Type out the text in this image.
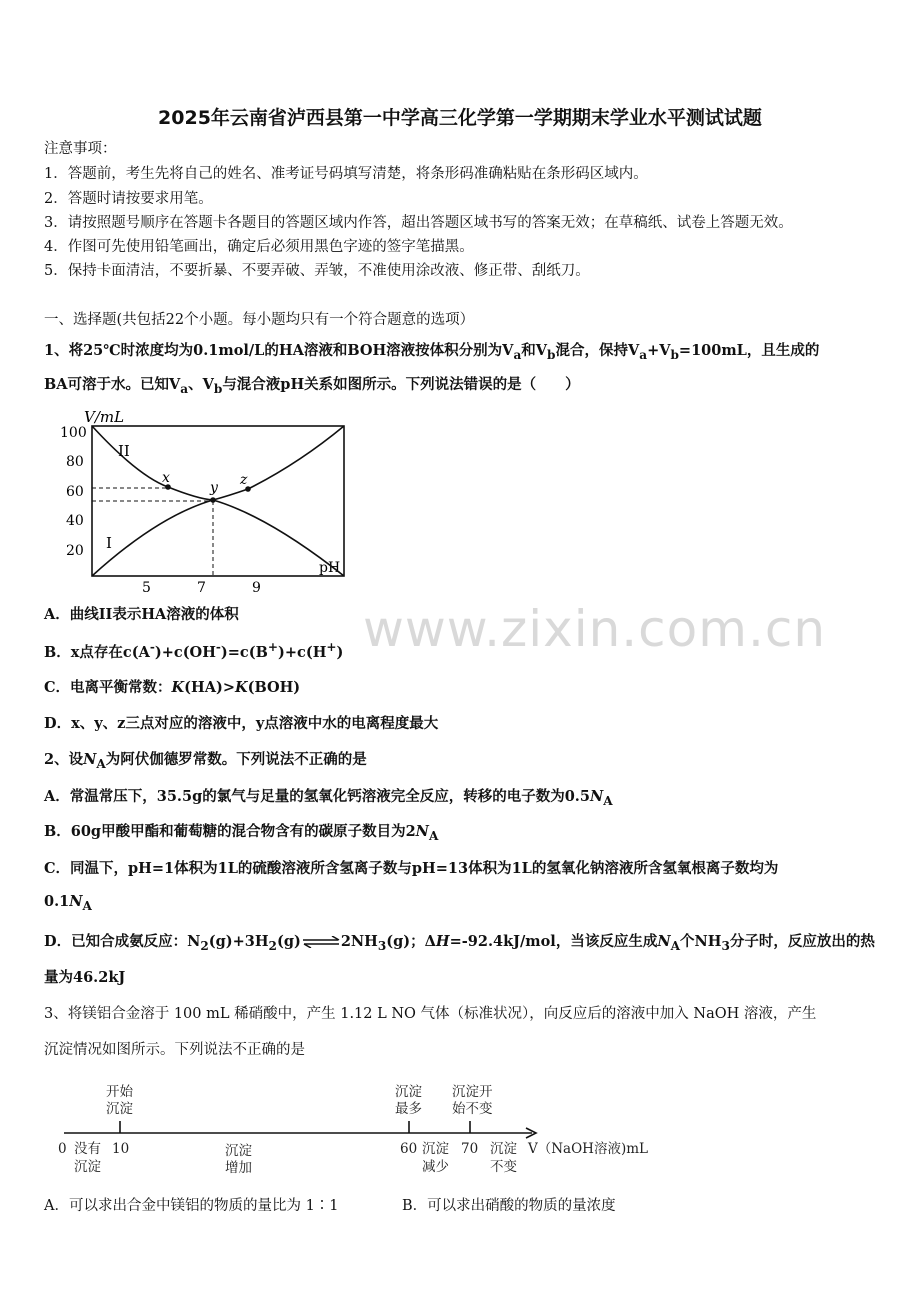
2025年云南省泸西县第一中学高三化学第一学期期末学业水平测试试题
注意事项：
1．答题前，考生先将自己的姓名、准考证号码填写清楚，将条形码准确粘贴在条形码区域内。
2．答题时请按要求用笔。
3．请按照题号顺序在答题卡各题目的答题区域内作答，超出答题区域书写的答案无效；在草稿纸、试卷上答题无效。
4．作图可先使用铅笔画出，确定后必须用黑色字迹的签字笔描黑。
5．保持卡面清洁，不要折暴、不要弄破、弄皱，不准使用涂改液、修正带、刮纸刀。
一、选择题(共包括22个小题。每小题均只有一个符合题意的选项）
1、将25℃时浓度均为0.1mol/L的HA溶液和BOH溶液按体积分别为$V_a$和$V_b$混合，保持$V_a+V_b=100mL$，且生成的
BA可溶于水。已知$V_a$、$V_b$与混合液pH关系如图所示。下列说法错误的是（　　）
V/mL
100
80
60
40
20
5	7	9
pH
x
y z
II
I
A．曲线II表示HA溶液的体积
B．x点存在c(A-)+c(OH-)=c(B+)+c(H+)
C．电离平衡常数：K(HA)>K(BOH)
D．x、y、z三点对应的溶液中，y点溶液中水的电离程度最大
2、设$N_A$为阿伏伽德罗常数。下列说法不正确的是
A．常温常压下，35.5g的氯气与足量的氢氧化钙溶液完全反应，转移的电子数为$0.5N_A$
B．60g甲酸甲酯和葡萄糖的混合物含有的碳原子数目为$2N_A$
C．同温下，pH=1体积为1L的硫酸溶液所含氢离子数与pH=13体积为1L的氢氧化钠溶液所含氢氧根离子数均为
$0.1N_A$
D．已知合成氨反应：$N_2(g)+3H_2(g)\rightleftharpoons 2NH_3(g)$；ΔH=-92.4kJ/mol，当该反应生成$N_A$个$NH_3$分子时，反应放出的热
量为46.2kJ
3、将镁铝合金溶于 100 mL 稀硝酸中，产生 1.12 L NO 气体（标准状况），向反应后的溶液中加入 NaOH 溶液，产生
沉淀情况如图所示。下列说法不正确的是
开始
沉淀
沉淀
最多
沉淀开
始不变
0 没有
沉淀
10	沉淀
增加
60 沉淀
减少
70 沉淀
不变
V（NaOH溶液)mL
A．可以求出合金中镁铝的物质的量比为 1∶1	B．可以求出硝酸的物质的量浓度
www.zixin.com.cn
